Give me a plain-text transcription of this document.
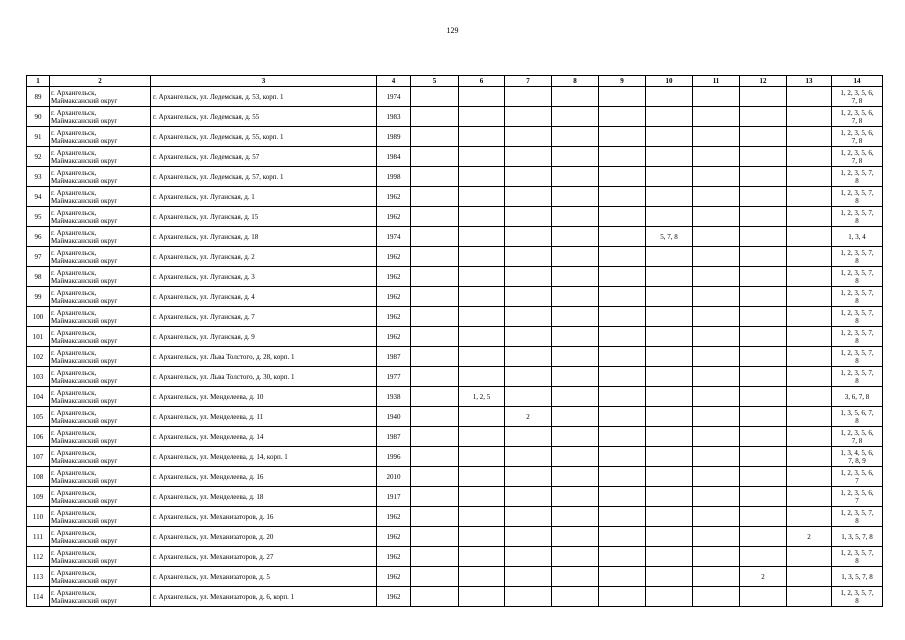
129
1	2	3	4	5	6	7	8	9	10	11	12	13	14
89	г. Архангельск,
Маймаксанский округ	г. Архангельск, ул. Ледемская, д. 53, корп. 1	1974										1, 2, 3, 5, 6,
7, 8
90	г. Архангельск,
Маймаксанский округ	г. Архангельск, ул. Ледемская, д. 55	1983										1, 2, 3, 5, 6,
7, 8
91	г. Архангельск,
Маймаксанский округ	г. Архангельск, ул. Ледемская, д. 55, корп. 1	1989										1, 2, 3, 5, 6,
7, 8
92	г. Архангельск,
Маймаксанский округ	г. Архангельск, ул. Ледемская, д. 57	1984										1, 2, 3, 5, 6,
7, 8
93	г. Архангельск,
Маймаксанский округ	г. Архангельск, ул. Ледемская, д. 57, корп. 1	1998										1, 2, 3, 5, 7,
8
94	г. Архангельск,
Маймаксанский округ	г. Архангельск, ул. Луганская, д. 1	1962										1, 2, 3, 5, 7,
8
95	г. Архангельск,
Маймаксанский округ	г. Архангельск, ул. Луганская, д. 15	1962										1, 2, 3, 5, 7,
8
96	г. Архангельск,
Маймаксанский округ	г. Архангельск, ул. Луганская, д. 18	1974						5, 7, 8				1, 3, 4
97	г. Архангельск,
Маймаксанский округ	г. Архангельск, ул. Луганская, д. 2	1962										1, 2, 3, 5, 7,
8
98	г. Архангельск,
Маймаксанский округ	г. Архангельск, ул. Луганская, д. 3	1962										1, 2, 3, 5, 7,
8
99	г. Архангельск,
Маймаксанский округ	г. Архангельск, ул. Луганская, д. 4	1962										1, 2, 3, 5, 7,
8
100	г. Архангельск,
Маймаксанский округ	г. Архангельск, ул. Луганская, д. 7	1962										1, 2, 3, 5, 7,
8
101	г. Архангельск,
Маймаксанский округ	г. Архангельск, ул. Луганская, д. 9	1962										1, 2, 3, 5, 7,
8
102	г. Архангельск,
Маймаксанский округ	г. Архангельск, ул. Льва Толстого, д. 28, корп. 1	1987										1, 2, 3, 5, 7,
8
103	г. Архангельск,
Маймаксанский округ	г. Архангельск, ул. Льва Толстого, д. 30, корп. 1	1977										1, 2, 3, 5, 7,
8
104	г. Архангельск,
Маймаксанский округ	г. Архангельск, ул. Менделеева, д. 10	1938		1, 2, 5								3, 6, 7, 8
105	г. Архангельск,
Маймаксанский округ	г. Архангельск, ул. Менделеева, д. 11	1940			2							1, 3, 5, 6, 7,
8
106	г. Архангельск,
Маймаксанский округ	г. Архангельск, ул. Менделеева, д. 14	1987										1, 2, 3, 5, 6,
7, 8
107	г. Архангельск,
Маймаксанский округ	г. Архангельск, ул. Менделеева, д. 14, корп. 1	1996										1, 3, 4, 5, 6,
7, 8, 9
108	г. Архангельск,
Маймаксанский округ	г. Архангельск, ул. Менделеева, д. 16	2010										1, 2, 3, 5, 6,
7
109	г. Архангельск,
Маймаксанский округ	г. Архангельск, ул. Менделеева, д. 18	1917										1, 2, 3, 5, 6,
7
110	г. Архангельск,
Маймаксанский округ	г. Архангельск, ул. Механизаторов, д. 16	1962										1, 2, 3, 5, 7,
8
111	г. Архангельск,
Маймаксанский округ	г. Архангельск, ул. Механизаторов, д. 20	1962									2	1, 3, 5, 7, 8
112	г. Архангельск,
Маймаксанский округ	г. Архангельск, ул. Механизаторов, д. 27	1962										1, 2, 3, 5, 7,
8
113	г. Архангельск,
Маймаксанский округ	г. Архангельск, ул. Механизаторов, д. 5	1962								2		1, 3, 5, 7, 8
114	г. Архангельск,
Маймаксанский округ	г. Архангельск, ул. Механизаторов, д. 6, корп. 1	1962										1, 2, 3, 5, 7,
8
